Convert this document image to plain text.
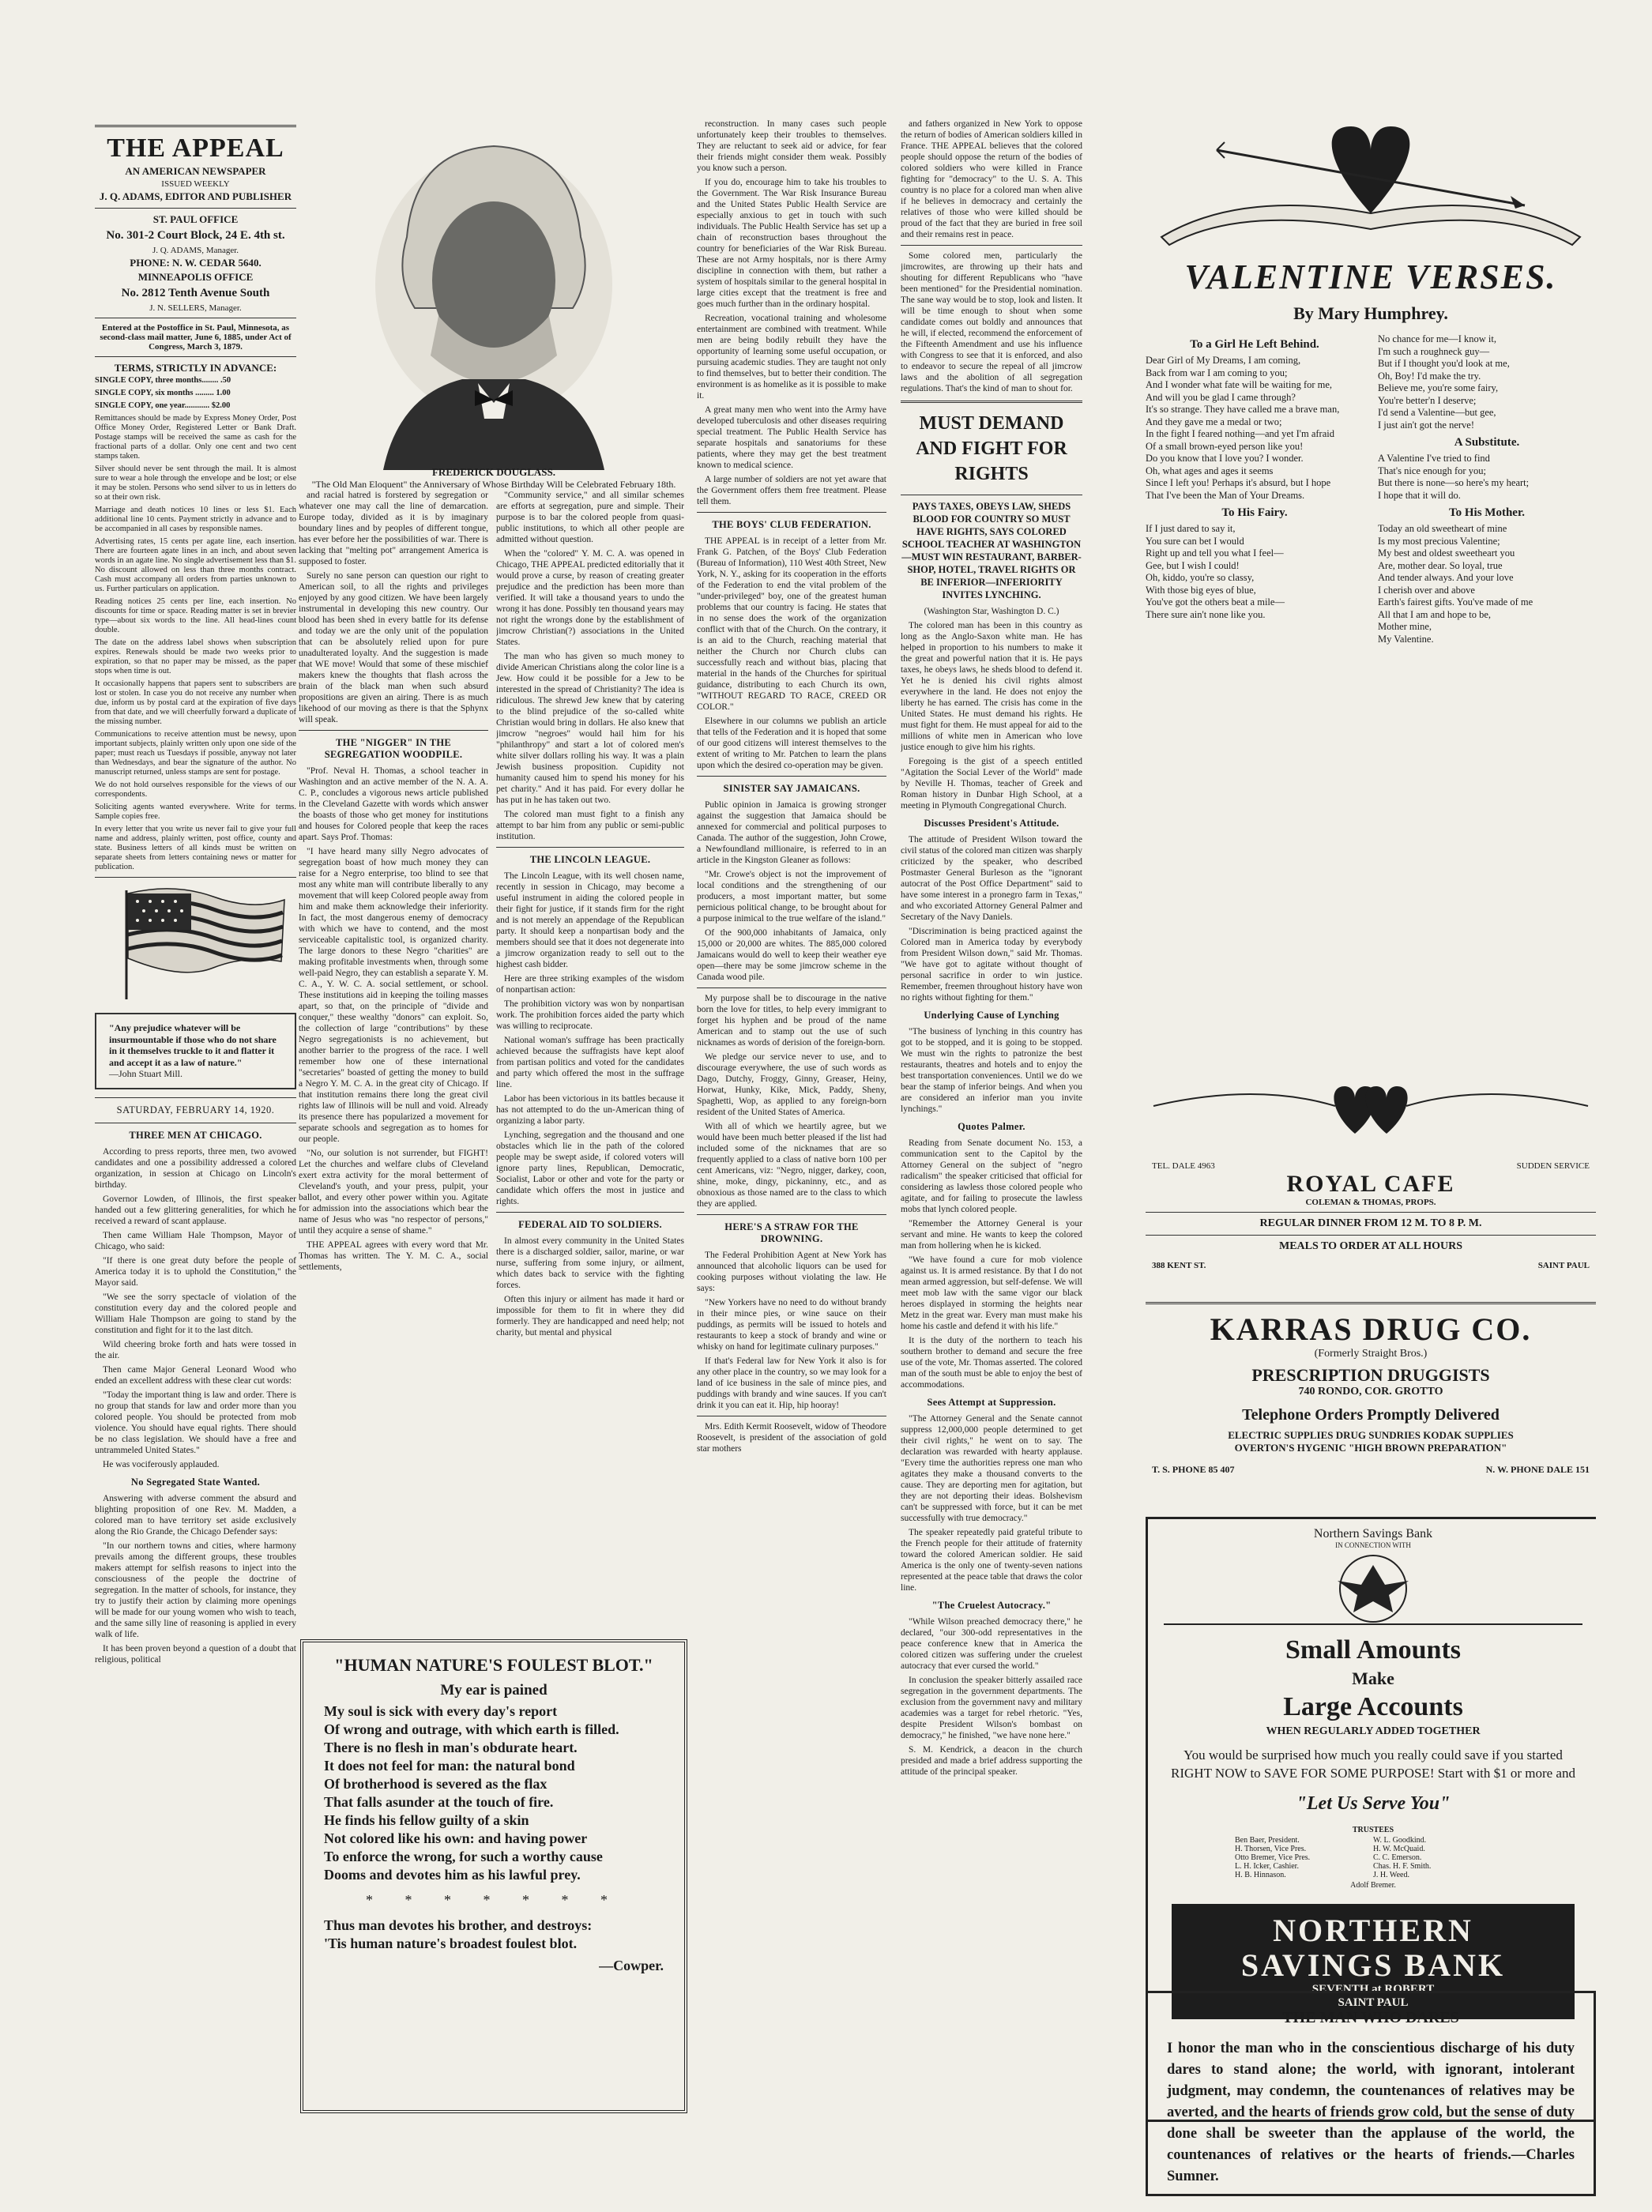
THE APPEAL
AN AMERICAN NEWSPAPER
ISSUED WEEKLY
J. Q. ADAMS, EDITOR AND PUBLISHER
ST. PAUL OFFICE
No. 301-2 Court Block, 24 E. 4th st.
J. Q. ADAMS, Manager.
PHONE: N. W. CEDAR 5640.
MINNEAPOLIS OFFICE
No. 2812 Tenth Avenue South
J. N. SELLERS, Manager.
Entered at the Postoffice in St. Paul, Minnesota, as second-class mail matter, June 6, 1885, under Act of Congress, March 3, 1879.
TERMS, STRICTLY IN ADVANCE:

SINGLE COPY, three months........ .50

SINGLE COPY, six months ......... 1.00

SINGLE COPY, one year............ $2.00

Remittances should be made by Express Money Order, Post Office Money Order, Registered Letter or Bank Draft. Postage stamps will be received the same as cash for the fractional parts of a dollar. Only one cent and two cent stamps taken.

Silver should never be sent through the mail. It is almost sure to wear a hole through the envelope and be lost; or else it may be stolen. Persons who send silver to us in letters do so at their own risk.

Marriage and death notices 10 lines or less $1. Each additional line 10 cents. Payment strictly in advance and to be accompanied in all cases by responsible names.

Advertising rates, 15 cents per agate line, each insertion. There are fourteen agate lines in an inch, and about seven words in an agate line. No single advertisement less than $1. No discount allowed on less than three months contract. Cash must accompany all orders from parties unknown to us. Further particulars on application.

Reading notices 25 cents per line, each insertion. No discounts for time or space. Reading matter is set in brevier type—about six words to the line. All head-lines count double.

The date on the address label shows when subscription expires. Renewals should be made two weeks prior to expiration, so that no paper may be missed, as the paper stops when time is out.

It occasionally happens that papers sent to subscribers are lost or stolen. In case you do not receive any number when due, inform us by postal card at the expiration of five days from that date, and we will cheerfully forward a duplicate of the missing number.

Communications to receive attention must be newsy, upon important subjects, plainly written only upon one side of the paper; must reach us Tuesdays if possible, anyway not later than Wednesdays, and bear the signature of the author. No manuscript returned, unless stamps are sent for postage.

We do not hold ourselves responsible for the views of our correspondents.

Soliciting agents wanted everywhere. Write for terms. Sample copies free.

In every letter that you write us never fail to give your full name and address, plainly written, post office, county and state. Business letters of all kinds must be written on separate sheets from letters containing news or matter for publication.

"Any prejudice whatever will be insurmountable if those who do not share in it themselves truckle to it and flatter it and accept it as a law of nature."
—John Stuart Mill.
SATURDAY, FEBRUARY 14, 1920.
THREE MEN AT CHICAGO.

According to press reports, three men, two avowed candidates and one a possibility addressed a colored organization, in session at Chicago on Lincoln's birthday.

Governor Lowden, of Illinois, the first speaker handed out a few glittering generalities, for which he received a reward of scant applause.

Then came William Hale Thompson, Mayor of Chicago, who said:

"If there is one great duty before the people of America today it is to uphold the Constitution," the Mayor said.

"We see the sorry spectacle of violation of the constitution every day and the colored people and William Hale Thompson are going to stand by the constitution and fight for it to the last ditch.

Wild cheering broke forth and hats were tossed in the air.

Then came Major General Leonard Wood who ended an excellent address with these clear cut words:

"Today the important thing is law and order. There is no group that stands for law and order more than you colored people. You should be protected from mob violence. You should have equal rights. There should be no class legislation. We should have a free and untrammeled United States."

He was vociferously applauded.

No Segregated State Wanted.

Answering with adverse comment the absurd and blighting proposition of one Rev. M. Madden, a colored man to have territory set aside exclusively along the Rio Grande, the Chicago Defender says:

"In our northern towns and cities, where harmony prevails among the different groups, these troubles makers attempt for selfish reasons to inject into the consciousness of the people the doctrine of segregation. In the matter of schools, for instance, they try to justify their action by claiming more openings will be made for our young women who wish to teach, and the same silly line of reasoning is applied in every walk of life.

It has been proven beyond a question of a doubt that religious, political

FREDERICK DOUGLASS.
"The Old Man Eloquent" the Anniversary of Whose Birthday Will be Celebrated February 18th.

and racial hatred is forstered by segregation or whatever one may call the line of demarcation. Europe today, divided as it is by imaginary boundary lines and by peoples of different tongue, has ever before her the possibilities of war. There is lacking that "melting pot" arrangement America is supposed to foster.

Surely no sane person can question our right to American soil, to all the rights and privileges enjoyed by any good citizen. We have been largely instrumental in developing this new country. Our blood has been shed in every battle for its defense and today we are the only unit of the population that can be absolutely relied upon for pure unadulterated loyalty. And the suggestion is made that WE move! Would that some of these mischief makers knew the thoughts that flash across the brain of the black man when such absurd propositions are given an airing. There is as much likehood of our moving as there is that the Sphynx will speak.

THE "NIGGER" IN THE SEGREGATION WOODPILE.

"Prof. Neval H. Thomas, a school teacher in Washington and an active member of the N. A. A. C. P., concludes a vigorous news article published in the Cleveland Gazette with words which answer the boasts of those who get money for institutions and houses for Colored people that keep the races apart. Says Prof. Thomas:

"I have heard many silly Negro advocates of segregation boast of how much money they can raise for a Negro enterprise, too blind to see that most any white man will contribute liberally to any movement that will keep Colored people away from him and make them acknowledge their inferiority. In fact, the most dangerous enemy of democracy with which we have to contend, and the most serviceable capitalistic tool, is organized charity. The large donors to these Negro "charities" are making profitable investments when, through some well-paid Negro, they can establish a separate Y. M. C. A., Y. W. C. A. social settlement, or school. These institutions aid in keeping the toiling masses apart, so that, on the principle of "divide and conquer," these wealthy "donors" can exploit. So, the collection of large "contributions" by these Negro segregationists is no achievement, but another barrier to the progress of the race. I well remember how one of these international "secretaries" boasted of getting the money to build a Negro Y. M. C. A. in the great city of Chicago. If that institution remains there long the great civil rights law of Illinois will be null and void. Already its presence there has popularized a movement for separate schools and segregation as to homes for our people.

"No, our solution is not surrender, but FIGHT! Let the churches and welfare clubs of Cleveland exert extra activity for the moral betterment of Cleveland's youth, and your press, pulpit, your ballot, and every other power within you. Agitate for admission into the associations which bear the name of Jesus who was "no respector of persons," until they acquire a sense of shame."

THE APPEAL agrees with every word that Mr. Thomas has written. The Y. M. C. A., social settlements,

"Community service," and all similar schemes are efforts at segregation, pure and simple. Their purpose is to bar the colored people from quasi-public institutions, to which all other people are admitted without question.

When the "colored" Y. M. C. A. was opened in Chicago, THE APPEAL predicted editorially that it would prove a curse, by reason of creating greater prejudice and the prediction has been more than verified. It will take a thousand years to undo the wrong it has done. Possibly ten thousand years may not right the wrongs done by the establishment of jimcrow Christian(?) associations in the United States.

The man who has given so much money to divide American Christians along the color line is a Jew. How could it be possible for a Jew to be interested in the spread of Christianity? The idea is ridiculous. The shrewd Jew knew that by catering to the blind prejudice of the so-called white Christian would bring in dollars. He also knew that jimcrow "negroes" would hail him for his "philanthropy" and start a lot of colored men's white silver dollars rolling his way. It was a plain Jewish business proposition. Cupidity not humanity caused him to spend his money for his pet charity." And it has paid. For every dollar he has put in he has taken out two.

The colored man must fight to a finish any attempt to bar him from any public or semi-public institution.

THE LINCOLN LEAGUE.

The Lincoln League, with its well chosen name, recently in session in Chicago, may become a useful instrument in aiding the colored people in their fight for justice, if it stands firm for the right and is not merely an appendage of the Republican party. It should keep a nonpartisan body and the members should see that it does not degenerate into a jimcrow organization ready to sell out to the highest cash bidder.

Here are three striking examples of the wisdom of nonpartisan action:

The prohibition victory was won by nonpartisan work. The prohibition forces aided the party which was willing to reciprocate.

National woman's suffrage has been practically achieved because the suffragists have kept aloof from partisan politics and voted for the candidates and party which offered the most in the suffrage line.

Labor has been victorious in its battles because it has not attempted to do the un-American thing of organizing a labor party.

Lynching, segregation and the thousand and one obstacles which lie in the path of the colored people may be swept aside, if colored voters will ignore party lines, Republican, Democratic, Socialist, Labor or other and vote for the party or candidate which offers the most in justice and rights.

FEDERAL AID TO SOLDIERS.

In almost every community in the United States there is a discharged soldier, sailor, marine, or war nurse, suffering from some injury, or ailment, which dates back to service with the fighting forces.

Often this injury or ailment has made it hard or impossible for them to fit in where they did formerly. They are handicapped and need help; not charity, but mental and physical

"HUMAN NATURE'S FOULEST BLOT."
My ear is pained
My soul is sick with every day's report
Of wrong and outrage, with which earth is filled.
There is no flesh in man's obdurate heart.
It does not feel for man: the natural bond
Of brotherhood is severed as the flax
That falls asunder at the touch of fire.
He finds his fellow guilty of a skin
Not colored like his own: and having power
To enforce the wrong, for such a worthy cause
Dooms and devotes him as his lawful prey.
* * * * * * *
Thus man devotes his brother, and destroys:
'Tis human nature's broadest foulest blot.
—Cowper.

reconstruction. In many cases such people unfortunately keep their troubles to themselves. They are reluctant to seek aid or advice, for fear their friends might consider them weak. Possibly you know such a person.

If you do, encourage him to take his troubles to the Government. The War Risk Insurance Bureau and the United States Public Health Service are especially anxious to get in touch with such individuals. The Public Health Service has set up a chain of reconstruction bases throughout the country for beneficiaries of the War Risk Bureau. These are not Army hospitals, nor is there Army discipline in connection with them, but rather a system of hospitals similar to the general hospital in large cities except that the treatment is free and goes much further than in the ordinary hospital.

Recreation, vocational training and wholesome entertainment are combined with treatment. While men are being bodily rebuilt they have the opportunity of learning some useful occupation, or pursuing academic studies. They are taught not only to find themselves, but to better their condition. The environment is as homelike as it is possible to make it.

A great many men who went into the Army have developed tuberculosis and other diseases requiring special treatment. The Public Health Service has separate hospitals and sanatoriums for these patients, where they may get the best treatment known to medical science.

A large number of soldiers are not yet aware that the Government offers them free treatment. Please tell them.

THE BOYS' CLUB FEDERATION.

THE APPEAL is in receipt of a letter from Mr. Frank G. Patchen, of the Boys' Club Federation (Bureau of Information), 110 West 40th Street, New York, N. Y., asking for its cooperation in the efforts of the Federation to end the vital problem of the "under-privileged" boy, one of the greatest human problems that our country is facing. He states that in no sense does the work of the organization conflict with that of the Church. On the contrary, it is an aid to the Church, reaching material that neither the Church nor Church clubs can successfully reach and without bias, placing that material in the hands of the Churches for spiritual guidance, distributing to each Church its own, "WITHOUT REGARD TO RACE, CREED OR COLOR."

Elsewhere in our columns we publish an article that tells of the Federation and it is hoped that some of our good citizens will interest themselves to the extent of writing to Mr. Patchen to learn the plans upon which the desired co-operation may be given.

SINISTER SAY JAMAICANS.

Public opinion in Jamaica is growing stronger against the suggestion that Jamaica should be annexed for commercial and political purposes to Canada. The author of the suggestion, John Crowe, a Newfoundland millionaire, is referred to in an article in the Kingston Gleaner as follows:

"Mr. Crowe's object is not the improvement of local conditions and the strengthening of our producers, a most important matter, but some pernicious political change, to be brought about for a purpose inimical to the true welfare of the island."

Of the 900,000 inhabitants of Jamaica, only 15,000 or 20,000 are whites. The 885,000 colored Jamaicans would do well to keep their weather eye open—there may be some jimcrow scheme in the Canada wood pile.

My purpose shall be to discourage in the native born the love for titles, to help every immigrant to forget his hyphen and be proud of the name American and to stamp out the use of such nicknames as words of derision of the foreign-born.

We pledge our service never to use, and to discourage everywhere, the use of such words as Dago, Dutchy, Froggy, Ginny, Greaser, Heiny, Horwat, Hunky, Kike, Mick, Paddy, Sheny, Spaghetti, Wop, as applied to any foreign-born resident of the United States of America.

With all of which we heartily agree, but we would have been much better pleased if the list had included some of the nicknames that are so frequently applied to a class of native born 100 per cent Americans, viz: "Negro, nigger, darkey, coon, shine, moke, dingy, pickaninny, etc., and as obnoxious as those named are to the class to which they are applied.

HERE'S A STRAW FOR THE DROWNING.

The Federal Prohibition Agent at New York has announced that alcoholic liquors can be used for cooking purposes without violating the law. He says:

"New Yorkers have no need to do without brandy in their mince pies, or wine sauce on their puddings, as permits will be issued to hotels and restaurants to keep a stock of brandy and wine or whisky on hand for legitimate culinary purposes."

If that's Federal law for New York it also is for any other place in the country, so we may look for a land of ice business in the sale of mince pies, and puddings with brandy and wine sauces. If you can't drink it you can eat it. Hip, hip hooray!

Mrs. Edith Kermit Roosevelt, widow of Theodore Roosevelt, is president of the association of gold star mothers

and fathers organized in New York to oppose the return of bodies of American soldiers killed in France. THE APPEAL believes that the colored people should oppose the return of the bodies of colored soldiers who were killed in France fighting for "democracy" to the U. S. A. This country is no place for a colored man when alive if he believes in democracy and certainly the relatives of those who were killed should be proud of the fact that they are buried in free soil and their remains rest in peace.

Some colored men, particularly the jimcrowites, are throwing up their hats and shouting for different Republicans who "have been mentioned" for the Presidential nomination. The sane way would be to stop, look and listen. It will be time enough to shout when some candidate comes out boldly and announces that he will, if elected, recommend the enforcement of the Fifteenth Amendment and use his influence with Congress to see that it is enforced, and also to endeavor to secure the repeal of all jimcrow laws and the abolition of all segregation regulations. That's the kind of man to shout for.

MUST DEMAND AND FIGHT FOR RIGHTS
PAYS TAXES, OBEYS LAW, SHEDS BLOOD FOR COUNTRY SO MUST HAVE RIGHTS, SAYS COLORED SCHOOL TEACHER AT WASHINGTON—MUST WIN RESTAURANT, BARBER-SHOP, HOTEL, TRAVEL RIGHTS OR BE INFERIOR—INFERIORITY INVITES LYNCHING.

(Washington Star, Washington D. C.)

The colored man has been in this country as long as the Anglo-Saxon white man. He has helped in proportion to his numbers to make it the great and powerful nation that it is. He pays taxes, he obeys laws, he sheds blood to defend it. Yet he is denied his civil rights almost everywhere in the land. He does not enjoy the liberty he has earned. The crisis has come in the United States. He must demand his rights. He must fight for them. He must appeal for aid to the millions of white men in American who love justice enough to give him his rights.

Foregoing is the gist of a speech entitled "Agitation the Social Lever of the World" made by Neville H. Thomas, teacher of Greek and Roman history in Dunbar High School, at a meeting in Plymouth Congregational Church.

Discusses President's Attitude.

The attitude of President Wilson toward the civil status of the colored man citizen was sharply criticized by the speaker, who described Postmaster General Burleson as the "ignorant autocrat of the Post Office Department" said to have some interest in a pronegro farm in Texas," and who excoriated Attorney General Palmer and Secretary of the Navy Daniels.

"Discrimination is being practiced against the Colored man in America today by everybody from President Wilson down," said Mr. Thomas. "We have got to agitate without thought of personal sacrifice in order to win justice. Remember, freemen throughout history have won no rights without fighting for them."

Underlying Cause of Lynching

"The business of lynching in this country has got to be stopped, and it is going to be stopped. We must win the rights to patronize the best restaurants, theatres and hotels and to enjoy the best transportation conveniences. Until we do we bear the stamp of inferior beings. And when you are considered an inferior man you invite lynchings."

Quotes Palmer.

Reading from Senate document No. 153, a communication sent to the Capitol by the Attorney General on the subject of "negro radicalism" the speaker criticised that official for considering as lawless those colored people who agitate, and for failing to prosecute the lawless mobs that lynch colored people.

"Remember the Attorney General is your servant and mine. He wants to keep the colored man from hollering when he is kicked.

"We have found a cure for mob violence against us. It is armed resistance. By that I do not mean armed aggression, but self-defense. We will meet mob law with the same vigor our black heroes displayed in storming the heights near Metz in the great war. Every man must make his home his castle and defend it with his life."

It is the duty of the northern to teach his southern brother to demand and secure the free use of the vote, Mr. Thomas asserted. The colored man of the south must be able to enjoy the best of accommodations.

Sees Attempt at Suppression.

"The Attorney General and the Senate cannot suppress 12,000,000 people determined to get their civil rights," he went on to say. The declaration was rewarded with hearty applause. "Every time the authorities repress one man who agitates they make a thousand converts to the cause. They are deporting men for agitation, but they are not deporting their ideas. Bolshevism can't be suppressed with force, but it can be met successfully with true democracy."

The speaker repeatedly paid grateful tribute to the French people for their attitude of fraternity toward the colored American soldier. He said America is the only one of twenty-seven nations represented at the peace table that draws the color line.

"The Cruelest Autocracy."

"While Wilson preached democracy there," he declared, "our 300-odd representatives in the peace conference knew that in America the colored citizen was suffering under the cruelest autocracy that ever cursed the world."

In conclusion the speaker bitterly assailed race segregation in the government departments. The exclusion from the government navy and military academies was a target for rebel rhetoric. "Yes, despite President Wilson's bombast on democracy," he finished, "we have none here."

S. M. Kendrick, a deacon in the church presided and made a brief address supporting the attitude of the principal speaker.

VALENTINE VERSES.
By Mary Humphrey.
To a Girl He Left Behind.
Dear Girl of My Dreams, I am coming,
Back from war I am coming to you;
And I wonder what fate will be waiting for me,
And will you be glad I came through?
It's so strange. They have called me a brave man,
And they gave me a medal or two;
In the fight I feared nothing—and yet I'm afraid
Of a small brown-eyed person like you!
Do you know that I love you? I wonder.
Oh, what ages and ages it seems
Since I left you! Perhaps it's absurd, but I hope
That I've been the Man of Your Dreams.
To His Fairy.
If I just dared to say it,
You sure can bet I would
Right up and tell you what I feel—
Gee, but I wish I could!
Oh, kiddo, you're so classy,
With those big eyes of blue,
You've got the others beat a mile—
There sure ain't none like you.
No chance for me—I know it,
I'm such a roughneck guy—
But if I thought you'd look at me,
Oh, Boy! I'd make the try.
Believe me, you're some fairy,
You're better'n I deserve;
I'd send a Valentine—but gee,
I just ain't got the nerve!
A Substitute.
A Valentine I've tried to find
That's nice enough for you;
But there is none—so here's my heart;
I hope that it will do.
To His Mother.
Today an old sweetheart of mine
Is my most precious Valentine;
My best and oldest sweetheart you
Are, mother dear. So loyal, true
And tender always. And your love
I cherish over and above
Earth's fairest gifts. You've made of me
All that I am and hope to be,
Mother mine,
My Valentine.
TEL. DALE 4963	SUDDEN SERVICE
ROYAL CAFE
COLEMAN & THOMAS, PROPS.
REGULAR DINNER FROM 12 M. TO 8 P. M.
MEALS TO ORDER AT ALL HOURS
388 KENT ST.	SAINT PAUL
KARRAS DRUG CO.
(Formerly Straight Bros.)
PRESCRIPTION DRUGGISTS
740 RONDO, COR. GROTTO
Telephone Orders Promptly Delivered
ELECTRIC SUPPLIES DRUG SUNDRIES KODAK SUPPLIES
OVERTON'S HYGENIC "HIGH BROWN PREPARATION"
T. S. PHONE 85 407	N. W. PHONE DALE 151
Northern Savings Bank
IN CONNECTION WITH
Small Amounts
Make
Large Accounts
WHEN REGULARLY ADDED TOGETHER
You would be surprised how much you really could save if you started RIGHT NOW to SAVE FOR SOME PURPOSE! Start with $1 or more and
"Let Us Serve You"
TRUSTEES
Ben Baer, President.	W. L. Goodkind.
H. Thorsen, Vice Pres.	H. W. McQuaid.
Otto Bremer, Vice Pres.	C. C. Emerson.
L. H. Icker, Cashier.	Chas. H. F. Smith.
H. B. Hinnason.	J. H. Weed.
Adolf Bremer.
NORTHERN
SAVINGS BANK
SEVENTH at ROBERT
SAINT PAUL
THE MAN WHO DARES
I honor the man who in the conscientious discharge of his duty dares to stand alone; the world, with ignorant, intolerant judgment, may condemn, the countenances of relatives may be averted, and the hearts of friends grow cold, but the sense of duty done shall be sweeter than the applause of the world, the countenances of relatives or the hearts of friends.—Charles Sumner.
